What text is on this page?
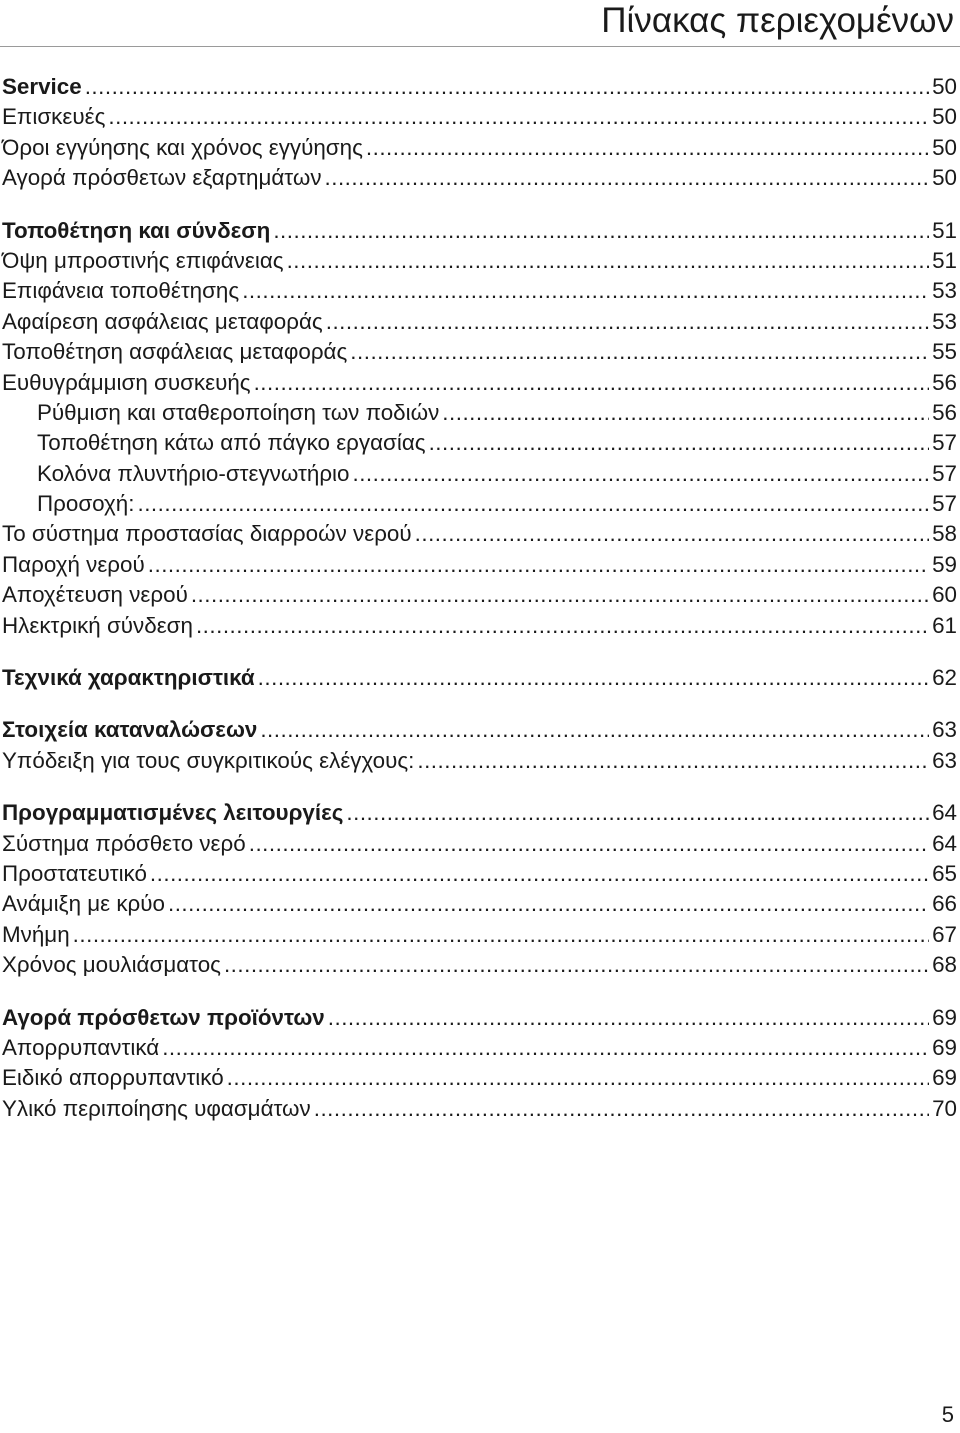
Πίνακας περιεχομένων
Service .....	50
Επισκευές .....	50
Όροι εγγύησης και χρόνος εγγύησης .....	50
Αγορά πρόσθετων εξαρτημάτων .....	50
Τοποθέτηση και σύνδεση .....	51
Όψη μπροστινής επιφάνειας .....	51
Επιφάνεια τοποθέτησης .....	53
Αφαίρεση ασφάλειας μεταφοράς .....	53
Τοποθέτηση ασφάλειας μεταφοράς .....	55
Ευθυγράμμιση συσκευής .....	56
Ρύθμιση και σταθεροποίηση των ποδιών .....	56
Τοποθέτηση κάτω από πάγκο εργασίας .....	57
Κολόνα πλυντήριο-στεγνωτήριο .....	57
Προσοχή: .....	57
Το σύστημα προστασίας διαρροών νερού .....	58
Παροχή νερού .....	59
Αποχέτευση νερού .....	60
Ηλεκτρική σύνδεση .....	61
Τεχνικά χαρακτηριστικά .....	62
Στοιχεία καταναλώσεων .....	63
Υπόδειξη για τους συγκριτικούς ελέγχους: .....	63
Προγραμματισμένες λειτουργίες .....	64
Σύστημα πρόσθετο νερό .....	64
Προστατευτικό .....	65
Ανάμιξη με κρύο .....	66
Μνήμη .....	67
Χρόνος μουλιάσματος .....	68
Αγορά πρόσθετων προϊόντων .....	69
Απορρυπαντικά .....	69
Ειδικό απορρυπαντικό .....	69
Υλικό περιποίησης υφασμάτων .....	70
5
